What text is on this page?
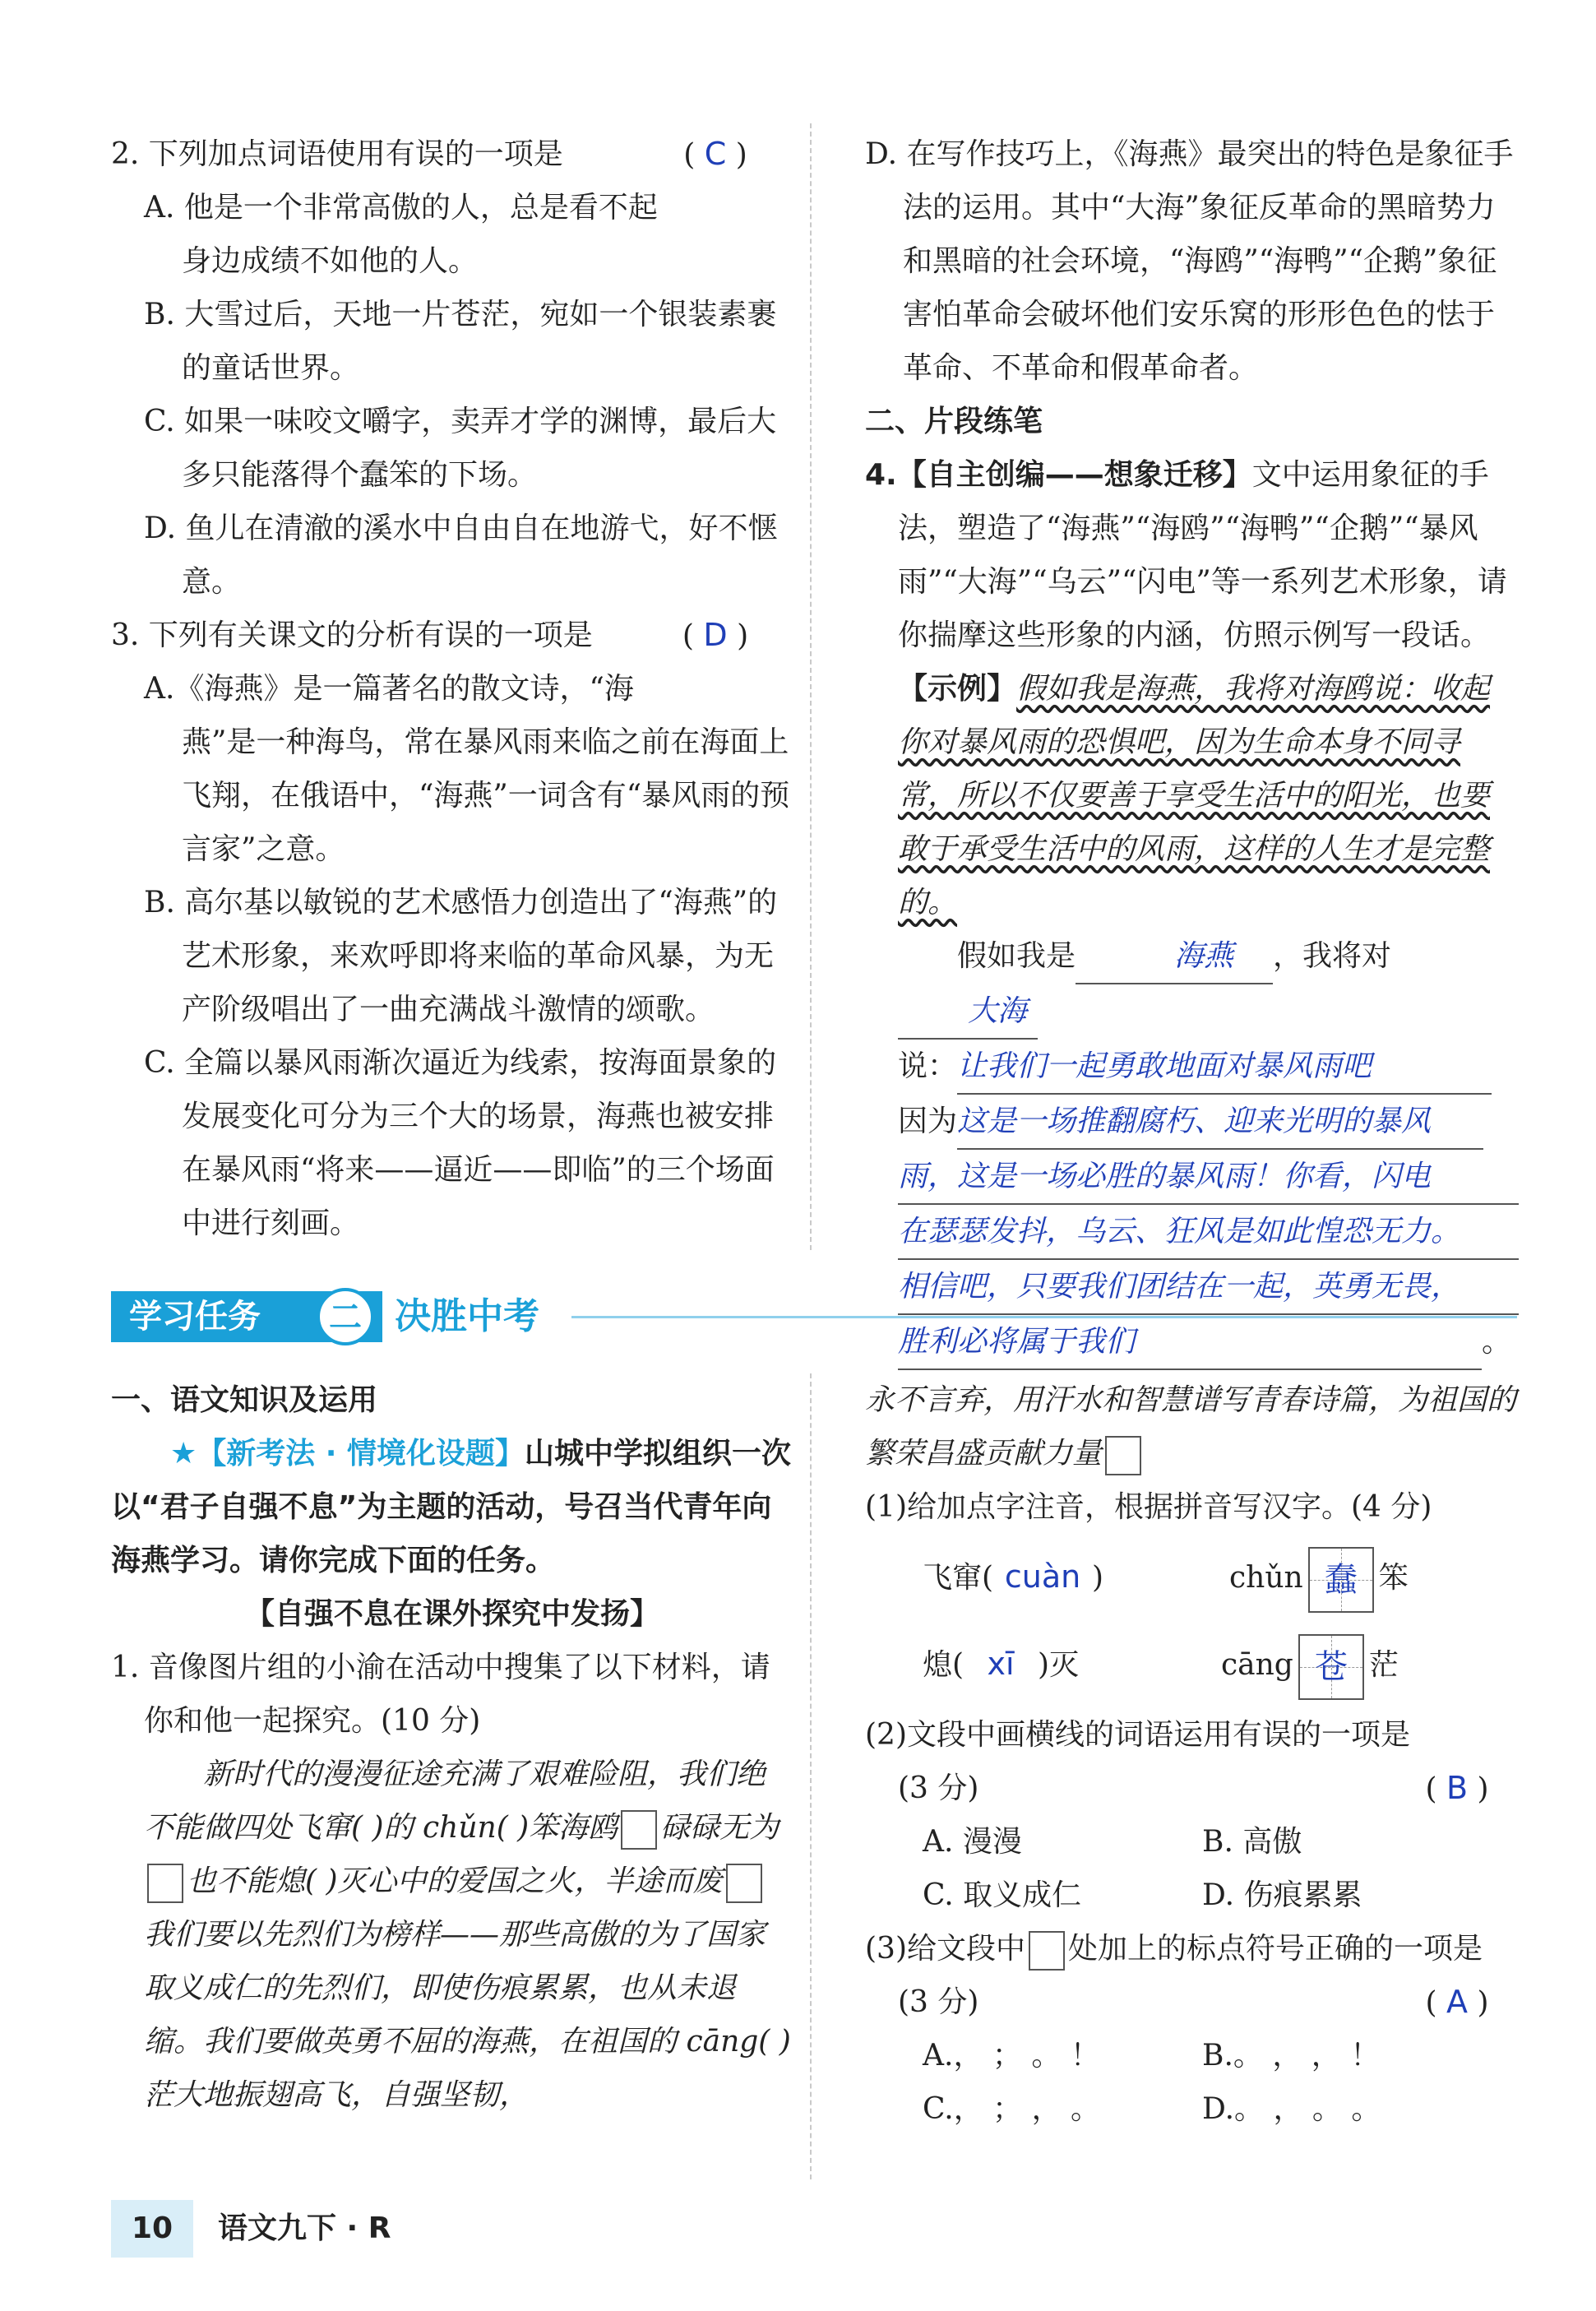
2. 下列加点词语使用有误的一项是	( C )

A. 他是一个非常高傲的人，总是看不起身边成绩不如他的人。

B. 大雪过后，天地一片苍茫，宛如一个银装素裹的童话世界。

C. 如果一味咬文嚼字，卖弄才学的渊博，最后大多只能落得个蠢笨的下场。

D. 鱼儿在清澈的溪水中自由自在地游弋，好不惬意。

3. 下列有关课文的分析有误的一项是	( D )

A.《海燕》是一篇著名的散文诗，“海燕”是一种海鸟，常在暴风雨来临之前在海面上飞翔，在俄语中，“海燕”一词含有“暴风雨的预言家”之意。

B. 高尔基以敏锐的艺术感悟力创造出了“海燕”的艺术形象，来欢呼即将来临的革命风暴，为无产阶级唱出了一曲充满战斗激情的颂歌。

C. 全篇以暴风雨渐次逼近为线索，按海面景象的发展变化可分为三个大的场景，海燕也被安排在暴风雨“将来——逼近——即临”的三个场面中进行刻画。

D. 在写作技巧上，《海燕》最突出的特色是象征手法的运用。其中“大海”象征反革命的黑暗势力和黑暗的社会环境，“海鸥”“海鸭”“企鹅”象征害怕革命会破坏他们安乐窝的形形色色的怯于革命、不革命和假革命者。

二、片段练笔

4.【自主创编——想象迁移】文中运用象征的手法，塑造了“海燕”“海鸥”“海鸭”“企鹅”“暴风雨”“大海”“乌云”“闪电”等一系列艺术形象，请你揣摩这些形象的内涵，仿照示例写一段话。

【示例】假如我是海燕，我将对海鸥说：收起你对暴风雨的恐惧吧，因为生命本身不同寻常，所以不仅要善于享受生活中的阳光，也要敢于承受生活中的风雨，这样的人生才是完整的。

假如我是	海燕 ，我将对大海

说：让我们一起勇敢地面对暴风雨吧

因为这是一场推翻腐朽、迎来光明的暴风

雨，这是一场必胜的暴风雨！你看，闪电
在瑟瑟发抖，乌云、狂风是如此惶恐无力。
相信吧，只要我们团结在一起，英勇无畏，

胜利必将属于我们	。

学习任务	二 决胜中考

一、语文知识及运用

★【新考法 · 情境化设题】山城中学拟组织一次以“君子自强不息”为主题的活动，号召当代青年向海燕学习。请你完成下面的任务。

【自强不息在课外探究中发扬】

1. 音像图片组的小渝在活动中搜集了以下材料，请你和他一起探究。(10 分)

新时代的漫漫征途充满了艰难险阻，我们绝不能做四处飞窜( )的 chǔn( )笨海鸥 碌碌无为也不能熄( )灭心中的爱国之火，半途而废我们要以先烈们为榜样——那些高傲的为了国家取义成仁的先烈们，即使伤痕累累，也从未退缩。我们要做英勇不屈的海燕，在祖国的 cāng( )茫大地振翅高飞，自强坚韧，

永不言弃，用汗水和智慧谱写青春诗篇，为祖国的繁荣昌盛贡献力量

(1)给加点字注音，根据拼音写汉字。(4 分)

飞窜( cuàn )	chǔn 蠢 笨

熄( xī )灭	cāng 苍 茫

(2)文段中画横线的词语运用有误的一项是

(3 分)	( B )

A. 漫漫	B. 高傲

C. 取义成仁	D. 伤痕累累

(3)给文段中 处加上的标点符号正确的一项是

(3 分)	( A )

A.， ； 。 ！	B.。 ， ， ！

C.， ； ， 。	D.。 ， 。 。

10 语文九下 · R
